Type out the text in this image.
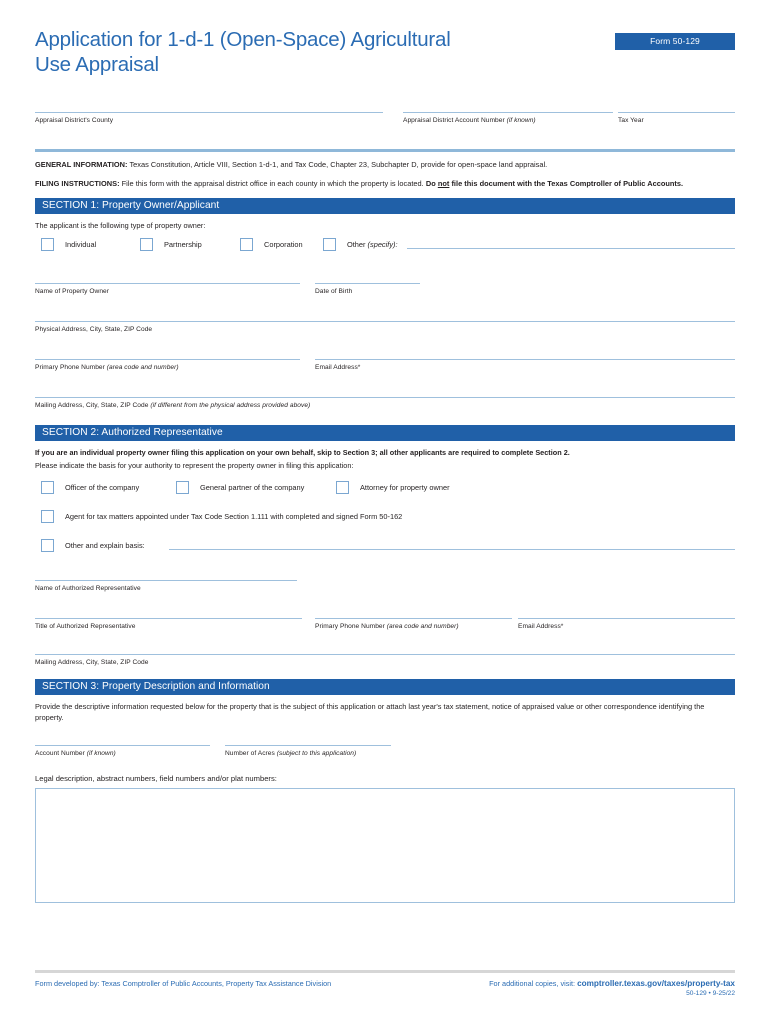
Application for 1-d-1 (Open-Space) Agricultural
Use Appraisal
Form 50-129
Appraisal District's County	Appraisal District Account Number (if known)	Tax Year
GENERAL INFORMATION: Texas Constitution, Article VIII, Section 1-d-1, and Tax Code, Chapter 23, Subchapter D, provide for open-space land appraisal.
FILING INSTRUCTIONS: File this form with the appraisal district office in each county in which the property is located. Do not file this document with the Texas Comptroller of Public Accounts.
SECTION 1: Property Owner/Applicant
The applicant is the following type of property owner:
Individual	Partnership	Corporation	Other (specify):
Name of Property Owner	Date of Birth
Physical Address, City, State, ZIP Code
Primary Phone Number (area code and number)	Email Address*
Mailing Address, City, State, ZIP Code (if different from the physical address provided above)
SECTION 2: Authorized Representative
If you are an individual property owner filing this application on your own behalf, skip to Section 3; all other applicants are required to complete Section 2.
Please indicate the basis for your authority to represent the property owner in filing this application:
Officer of the company	General partner of the company	Attorney for property owner
Agent for tax matters appointed under Tax Code Section 1.111 with completed and signed Form 50-162
Other and explain basis:
Name of Authorized Representative
Title of Authorized Representative	Primary Phone Number (area code and number)	Email Address*
Mailing Address, City, State, ZIP Code
SECTION 3: Property Description and Information
Provide the descriptive information requested below for the property that is the subject of this application or attach last year's tax statement, notice of appraised value or other correspondence identifying the property.
Account Number (if known)	Number of Acres (subject to this application)
Legal description, abstract numbers, field numbers and/or plat numbers:
Form developed by: Texas Comptroller of Public Accounts, Property Tax Assistance Division	For additional copies, visit: comptroller.texas.gov/taxes/property-tax
50-129 • 9-25/22
